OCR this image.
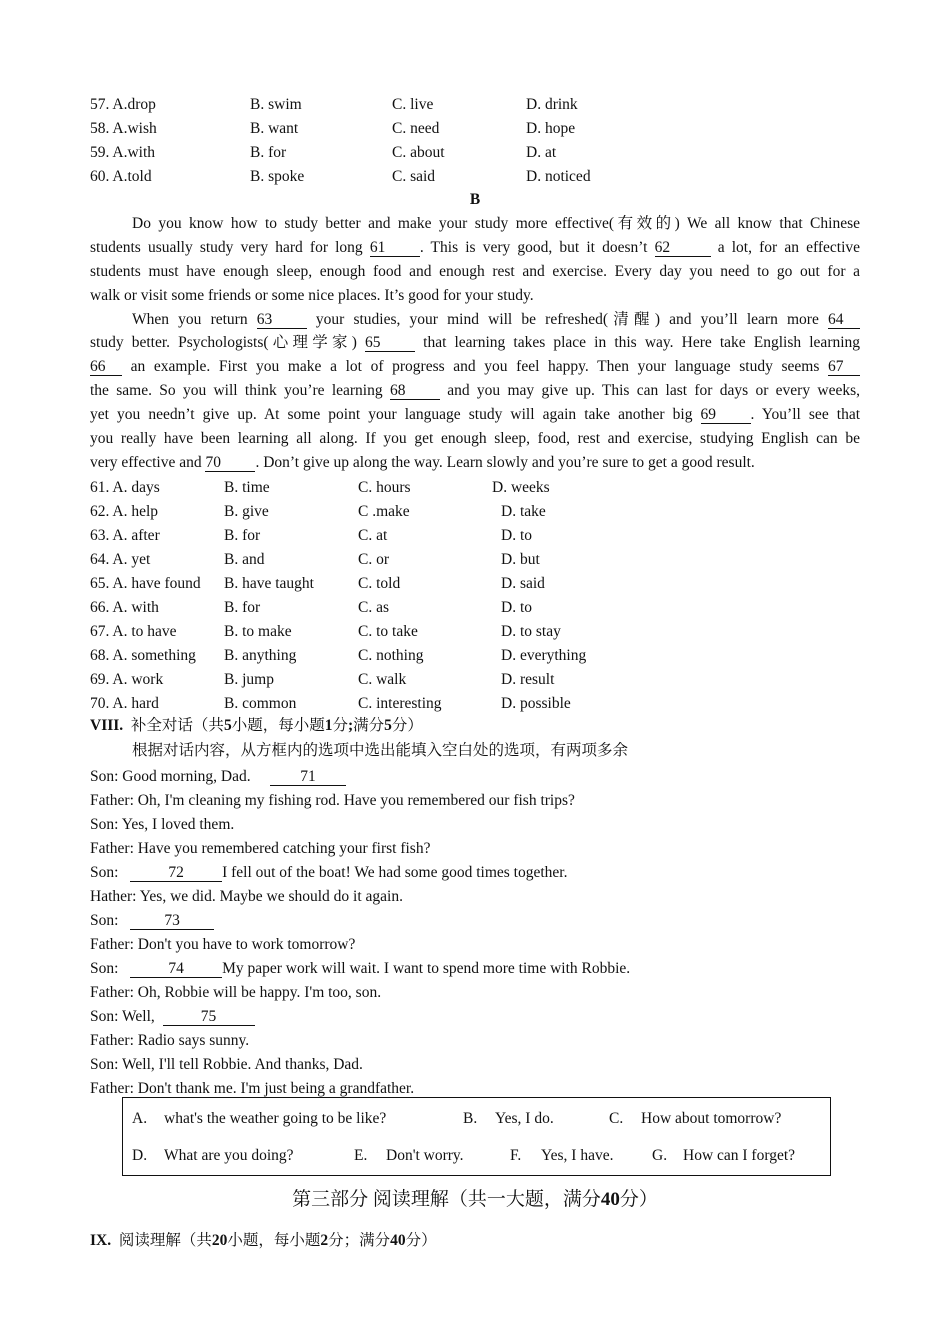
57. A.drop	B. swim	C. live	D. drink
58. A.wish	B. want	C. need	D. hope
59. A.with	B. for	C. about	D. at
60. A.told	B. spoke	C. said	D. noticed
B
Do you know how to study better and make your study more effective(有效的) We all know that Chinese
students usually study very hard for long 61 . This is very good, but it doesn’t 62	a lot, for an effective
students must have enough sleep, enough food and enough rest and exercise. Every day you need to go out for a
walk or visit some friends or some nice places. It’s good for your study.
When you return 63	your studies, your mind will be refreshed(清醒) and you’ll learn more 64
study better. Psychologists(心理学家) 65	that learning takes place in this way. Here take English learning
66 an example. First you make a lot of progress and you feel happy. Then your language study seems 67
the same. So you will think you’re learning 68	and you may give up. This can last for days or every weeks,
yet you needn’t give up. At some point your language study will again take another big 69 . You’ll see that
you really have been learning all along. If you get enough sleep, food, rest and exercise, studying English can be
very effective and 70 . Don’t give up along the way. Learn slowly and you’re sure to get a good result.
61. A. days	B. time	C. hours	D. weeks
62. A. help	B. give	C .make	D. take
63. A. after	B. for	C. at	D. to
64. A. yet	B. and	C. or	D. but
65. A. have found B. have taught	C. told	D. said
66. A. with	B. for	C. as	D. to
67. A. to have	B. to make	C. to take	D. to stay
68. A. something B. anything	C. nothing	D. everything
69. A. work	B. jump	C. walk	D. result
70. A. hard	B. common	C. interesting	D. possible
VIII. 补全对话（共5小题，每小题1分;满分5分）
根据对话内容，从方框内的选项中选出能填入空白处的选项，有两项多余
Son: Good morning, Dad.	71
Father: Oh, I'm cleaning my fishing rod. Have you remembered our fish trips?
Son: Yes, I loved them.
Father: Have you remembered catching your first fish?
Son:	72 I fell out of the boat! We had some good times together.
Hather: Yes, we did. Maybe we should do it again.
Son:	73
Father: Don't you have to work tomorrow?
Son:	74 My paper work will wait. I want to spend more time with Robbie.
Father: Oh, Robbie will be happy. I'm too, son.
Son: Well,	75
Father: Radio says sunny.
Son: Well, I'll tell Robbie. And thanks, Dad.
Father: Don't thank me. I'm just being a grandfather.
A. what's the weather going to be like?	B. Yes, I do.	C. How about tomorrow?
D. What are you doing?	E. Don't worry.	F. Yes, I have. G. How can I forget?
第三部分 阅读理解（共一大题，满分40分）
IX. 阅读理解（共20小题，每小题2分；满分40分）
